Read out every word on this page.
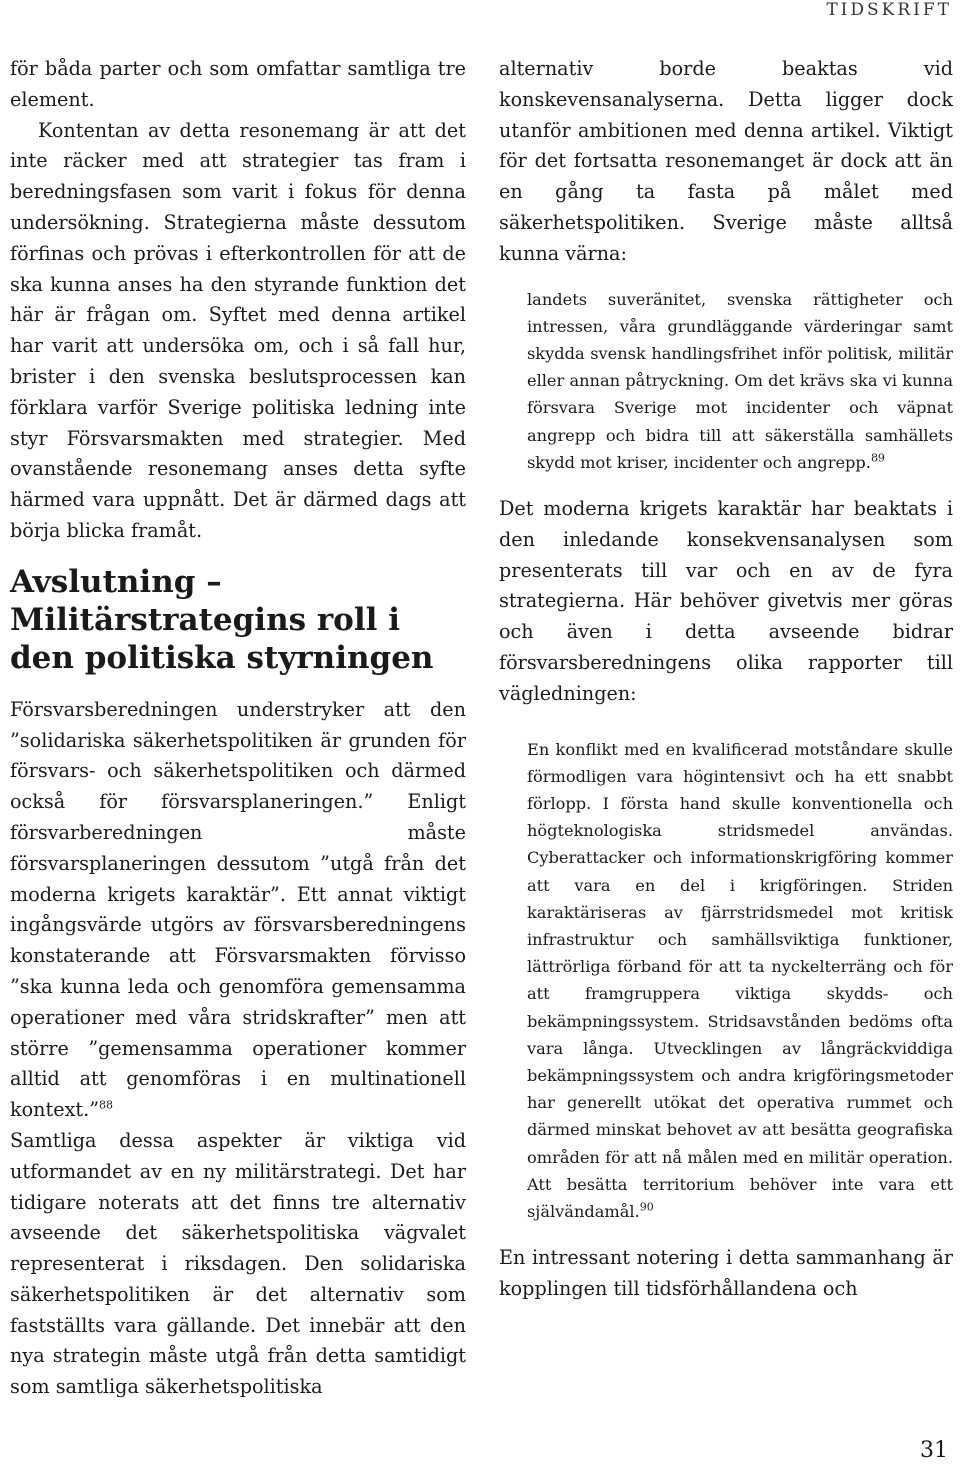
TIDSKRIFT

för båda parter och som omfattar samtliga tre element.

Kontentan av detta resonemang är att det inte räcker med att strategier tas fram i beredningsfasen som varit i fokus för denna undersökning. Strategierna måste dessutom förfinas och prövas i efterkontrollen för att de ska kunna anses ha den styrande funktion det här är frågan om. Syftet med denna artikel har varit att undersöka om, och i så fall hur, brister i den svenska beslutsprocessen kan förklara varför Sverige politiska ledning inte styr Försvarsmakten med strategier. Med ovanstående resonemang anses detta syfte härmed vara uppnått. Det är därmed dags att börja blicka framåt.

Avslutning – Militärstrategins roll i den politiska styrningen

Försvarsberedningen understryker att den ”solidariska säkerhetspolitiken är grunden för försvars- och säkerhetspolitiken och därmed också för försvarsplaneringen.” Enligt försvarberedningen måste försvarsplaneringen dessutom ”utgå från det moderna krigets karaktär”. Ett annat viktigt ingångsvärde utgörs av försvarsberedningens konstaterande att Försvarsmakten förvisso ”ska kunna leda och genomföra gemensamma operationer med våra stridskrafter” men att större ”gemensamma operationer kommer alltid att genomföras i en multinationell kontext.”$^{88}$

Samtliga dessa aspekter är viktiga vid utformandet av en ny militärstrategi. Det har tidigare noterats att det finns tre alternativ avseende det säkerhetspolitiska vägvalet representerat i riksdagen. Den solidariska säkerhetspolitiken är det alternativ som fastställts vara gällande. Det innebär att den nya strategin måste utgå från detta samtidigt som samtliga säkerhetspolitiska

alternativ borde beaktas vid konskevensanalyserna. Detta ligger dock utanför ambitionen med denna artikel. Viktigt för det fortsatta resonemanget är dock att än en gång ta fasta på målet med säkerhetspolitiken. Sverige måste alltså kunna värna:

landets suveränitet, svenska rättigheter och intressen, våra grundläggande värderingar samt skydda svensk handlingsfrihet inför politisk, militär eller annan påtryckning. Om det krävs ska vi kunna försvara Sverige mot incidenter och väpnat angrepp och bidra till att säkerställa samhällets skydd mot kriser, incidenter och angrepp.$^{89}$

Det moderna krigets karaktär har beaktats i den inledande konsekvensanalysen som presenterats till var och en av de fyra strategierna. Här behöver givetvis mer göras och även i detta avseende bidrar försvarsberedningens olika rapporter till vägledningen:

En konflikt med en kvalificerad motståndare skulle förmodligen vara högintensivt och ha ett snabbt förlopp. I första hand skulle konventionella och högteknologiska stridsmedel användas. Cyberattacker och informationskrigföring kommer att vara en del i krigföringen. Striden karaktäriseras av fjärrstridsmedel mot kritisk infrastruktur och samhällsviktiga funktioner, lättrörliga förband för att ta nyckelterräng och för att framgruppera viktiga skydds- och bekämpningssystem. Stridsavstånden bedöms ofta vara långa. Utvecklingen av långräckviddiga bekämpningssystem och andra krigföringsmetoder har generellt utökat det operativa rummet och därmed minskat behovet av att besätta geografiska områden för att nå målen med en militär operation. Att besätta territorium behöver inte vara ett självändamål.$^{90}$

En intressant notering i detta sammanhang är kopplingen till tidsförhållandena och

31
